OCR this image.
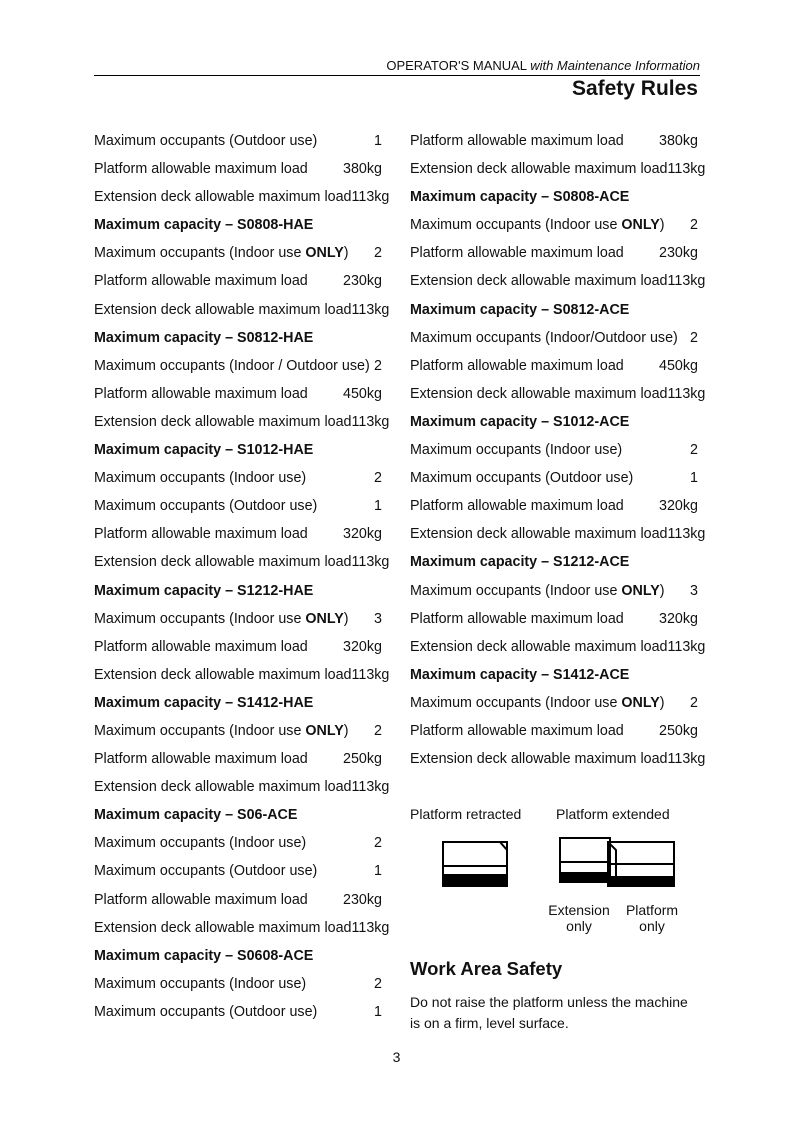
OPERATOR'S MANUAL with Maintenance Information
Safety Rules
Maximum occupants (Outdoor use)	1
Platform allowable maximum load 380kg
Extension deck allowable maximum load 113kg
Maximum capacity – S0808-HAE
Maximum occupants (Indoor use ONLY) 2
Platform allowable maximum load 230kg
Extension deck allowable maximum load 113kg
Maximum capacity – S0812-HAE
Maximum occupants (Indoor / Outdoor use) 2
Platform allowable maximum load 450kg
Extension deck allowable maximum load 113kg
Maximum capacity – S1012-HAE
Maximum occupants (Indoor use)	2
Maximum occupants (Outdoor use)	1
Platform allowable maximum load 320kg
Extension deck allowable maximum load 113kg
Maximum capacity – S1212-HAE
Maximum occupants (Indoor use ONLY) 3
Platform allowable maximum load 320kg
Extension deck allowable maximum load 113kg
Maximum capacity – S1412-HAE
Maximum occupants (Indoor use ONLY) 2
Platform allowable maximum load 250kg
Extension deck allowable maximum load 113kg
Maximum capacity – S06-ACE
Maximum occupants (Indoor use)	2
Maximum occupants (Outdoor use)	1
Platform allowable maximum load 230kg
Extension deck allowable maximum load 113kg
Maximum capacity – S0608-ACE
Maximum occupants (Indoor use)	2
Maximum occupants (Outdoor use)	1
Platform allowable maximum load 380kg
Extension deck allowable maximum load 113kg
Maximum capacity – S0808-ACE
Maximum occupants (Indoor use ONLY) 2
Platform allowable maximum load 230kg
Extension deck allowable maximum load 113kg
Maximum capacity – S0812-ACE
Maximum occupants (Indoor/Outdoor use) 2
Platform allowable maximum load 450kg
Extension deck allowable maximum load 113kg
Maximum capacity – S1012-ACE
Maximum occupants (Indoor use)	2
Maximum occupants (Outdoor use)	1
Platform allowable maximum load 320kg
Extension deck allowable maximum load 113kg
Maximum capacity – S1212-ACE
Maximum occupants (Indoor use ONLY) 3
Platform allowable maximum load 320kg
Extension deck allowable maximum load 113kg
Maximum capacity – S1412-ACE
Maximum occupants (Indoor use ONLY) 2
Platform allowable maximum load 250kg
Extension deck allowable maximum load 113kg
Platform retracted Platform extended
Extension
only
Platform
only
Work Area Safety
Do not raise the platform unless the machine is on a firm, level surface.
3
